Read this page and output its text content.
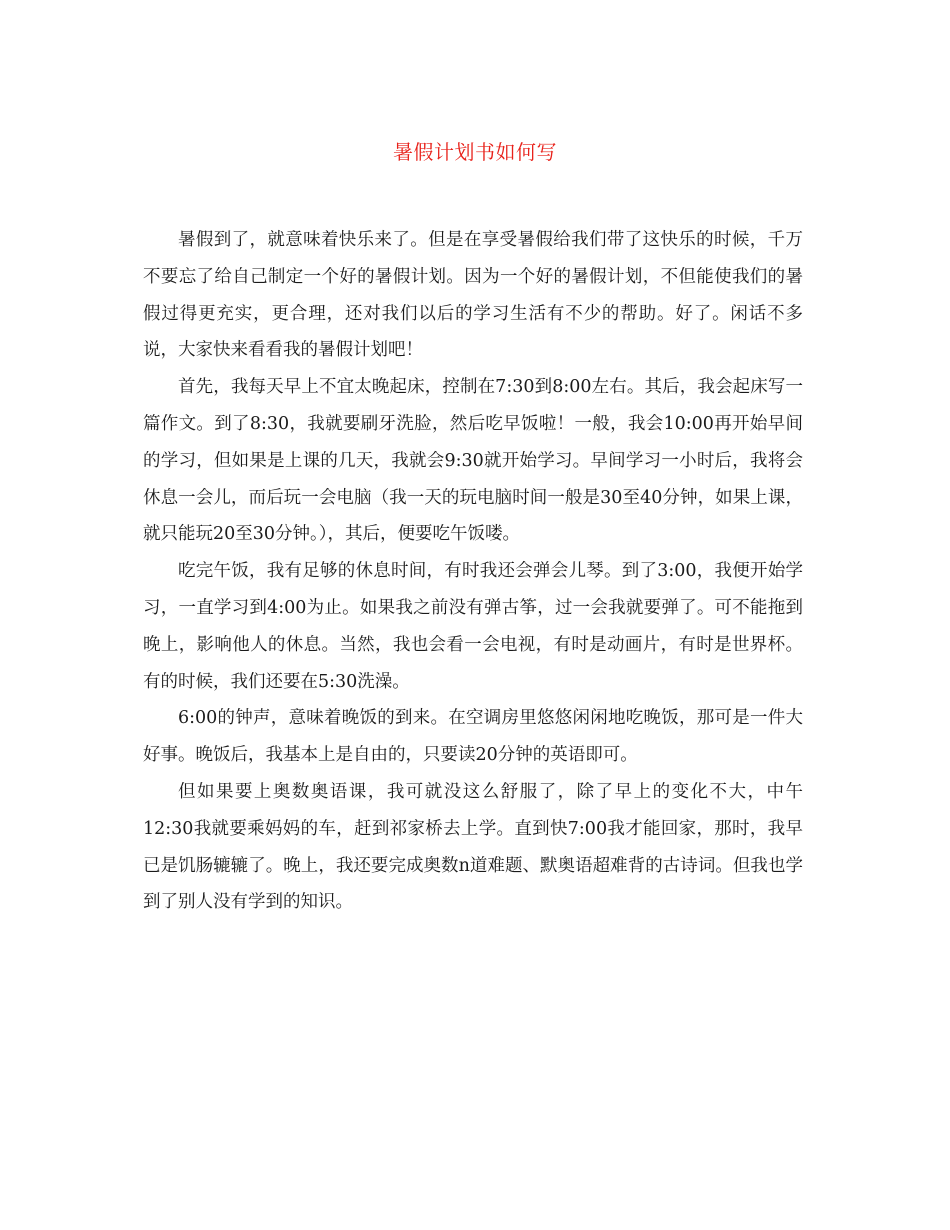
暑假计划书如何写

暑假到了，就意味着快乐来了。但是在享受暑假给我们带了这快乐的时候，千万不要忘了给自己制定一个好的暑假计划。因为一个好的暑假计划，不但能使我们的暑假过得更充实，更合理，还对我们以后的学习生活有不少的帮助。好了。闲话不多说，大家快来看看我的暑假计划吧！

首先，我每天早上不宜太晚起床，控制在7:30到8:00左右。其后，我会起床写一篇作文。到了8:30，我就要刷牙洗脸，然后吃早饭啦！一般，我会10:00再开始早间的学习，但如果是上课的几天，我就会9:30就开始学习。早间学习一小时后，我将会休息一会儿，而后玩一会电脑（我一天的玩电脑时间一般是30至40分钟，如果上课，就只能玩20至30分钟。），其后，便要吃午饭喽。

吃完午饭，我有足够的休息时间，有时我还会弹会儿琴。到了3:00，我便开始学习，一直学习到4:00为止。如果我之前没有弹古筝，过一会我就要弹了。可不能拖到晚上，影响他人的休息。当然，我也会看一会电视，有时是动画片，有时是世界杯。有的时候，我们还要在5:30洗澡。

6:00的钟声，意味着晚饭的到来。在空调房里悠悠闲闲地吃晚饭，那可是一件大好事。晚饭后，我基本上是自由的，只要读20分钟的英语即可。

但如果要上奥数奥语课，我可就没这么舒服了，除了早上的变化不大，中午12:30我就要乘妈妈的车，赶到祁家桥去上学。直到快7:00我才能回家，那时，我早已是饥肠辘辘了。晚上，我还要完成奥数n道难题、默奥语超难背的古诗词。但我也学到了别人没有学到的知识。
